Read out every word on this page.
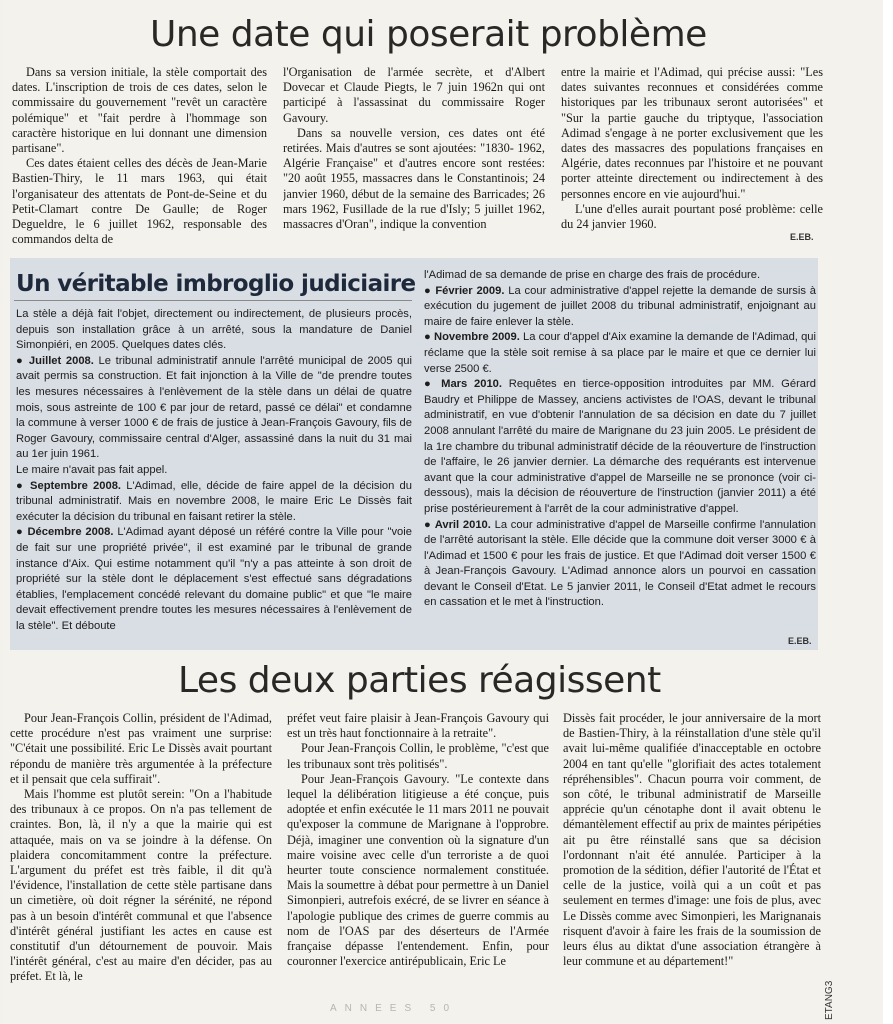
Une date qui poserait problème

Dans sa version initiale, la stèle comportait des dates. L'inscription de trois de ces dates, selon le commissaire du gouvernement "revêt un caractère polémique" et "fait perdre à l'hommage son caractère historique en lui donnant une dimension partisane".

Ces dates étaient celles des décès de Jean-Marie Bastien-Thiry, le 11 mars 1963, qui était l'organisateur des attentats de Pont-de-Seine et du Petit-Clamart contre De Gaulle; de Roger Degueldre, le 6 juillet 1962, responsable des commandos delta de

l'Organisation de l'armée secrète, et d'Albert Dovecar et Claude Piegts, le 7 juin 1962n qui ont participé à l'assassinat du commissaire Roger Gavoury.

Dans sa nouvelle version, ces dates ont été retirées. Mais d'autres se sont ajoutées: "1830- 1962, Algérie Française" et d'autres encore sont restées: "20 août 1955, massacres dans le Constantinois; 24 janvier 1960, début de la semaine des Barricades; 26 mars 1962, Fusillade de la rue d'Isly; 5 juillet 1962, massacres d'Oran", indique la convention

entre la mairie et l'Adimad, qui précise aussi: "Les dates suivantes reconnues et considérées comme historiques par les tribunaux seront autorisées" et "Sur la partie gauche du triptyque, l'association Adimad s'engage à ne porter exclusivement que les dates des massacres des populations françaises en Algérie, dates reconnues par l'histoire et ne pouvant porter atteinte directement ou indirectement à des personnes encore en vie aujourd'hui."

L'une d'elles aurait pourtant posé problème: celle du 24 janvier 1960.

E.EB.
Un véritable imbroglio judiciaire

La stèle a déjà fait l'objet, directement ou indirectement, de plusieurs procès, depuis son installation grâce à un arrêté, sous la mandature de Daniel Simonpiéri, en 2005. Quelques dates clés.

● Juillet 2008. Le tribunal administratif annule l'arrêté municipal de 2005 qui avait permis sa construction. Et fait injonction à la Ville de "de prendre toutes les mesures nécessaires à l'enlèvement de la stèle dans un délai de quatre mois, sous astreinte de 100 € par jour de retard, passé ce délai" et condamne la commune à verser 1000 € de frais de justice à Jean-François Gavoury, fils de Roger Gavoury, commissaire central d'Alger, assassiné dans la nuit du 31 mai au 1er juin 1961.

Le maire n'avait pas fait appel.

● Septembre 2008. L'Adimad, elle, décide de faire appel de la décision du tribunal administratif. Mais en novembre 2008, le maire Eric Le Dissès fait exécuter la décision du tribunal en faisant retirer la stèle.

● Décembre 2008. L'Adimad ayant déposé un référé contre la Ville pour "voie de fait sur une propriété privée", il est examiné par le tribunal de grande instance d'Aix. Qui estime notamment qu'il "n'y a pas atteinte à son droit de propriété sur la stèle dont le déplacement s'est effectué sans dégradations établies, l'emplacement concédé relevant du domaine public" et que "le maire devait effectivement prendre toutes les mesures nécessaires à l'enlèvement de la stèle". Et déboute

l'Adimad de sa demande de prise en charge des frais de procédure.

● Février 2009. La cour administrative d'appel rejette la demande de sursis à exécution du jugement de juillet 2008 du tribunal administratif, enjoignant au maire de faire enlever la stèle.

● Novembre 2009. La cour d'appel d'Aix examine la demande de l'Adimad, qui réclame que la stèle soit remise à sa place par le maire et que ce dernier lui verse 2500 €.

● Mars 2010. Requêtes en tierce-opposition introduites par MM. Gérard Baudry et Philippe de Massey, anciens activistes de l'OAS, devant le tribunal administratif, en vue d'obtenir l'annulation de sa décision en date du 7 juillet 2008 annulant l'arrêté du maire de Marignane du 23 juin 2005. Le président de la 1re chambre du tribunal administratif décide de la réouverture de l'instruction de l'affaire, le 26 janvier dernier. La démarche des requérants est intervenue avant que la cour administrative d'appel de Marseille ne se prononce (voir ci-dessous), mais la décision de réouverture de l'instruction (janvier 2011) a été prise postérieurement à l'arrêt de la cour administrative d'appel.

● Avril 2010. La cour administrative d'appel de Marseille confirme l'annulation de l'arrêté autorisant la stèle. Elle décide que la commune doit verser 3000 € à l'Adimad et 1500 € pour les frais de justice. Et que l'Adimad doit verser 1500 € à Jean-François Gavoury. L'Adimad annonce alors un pourvoi en cassation devant le Conseil d'Etat. Le 5 janvier 2011, le Conseil d'Etat admet le recours en cassation et le met à l'instruction.

E.EB.
Les deux parties réagissent

Pour Jean-François Collin, président de l'Adimad, cette procédure n'est pas vraiment une surprise: "C'était une possibilité. Eric Le Dissès avait pourtant répondu de manière très argumentée à la préfecture et il pensait que cela suffirait".

Mais l'homme est plutôt serein: "On a l'habitude des tribunaux à ce propos. On n'a pas tellement de craintes. Bon, là, il n'y a que la mairie qui est attaquée, mais on va se joindre à la défense. On plaidera concomitamment contre la préfecture. L'argument du préfet est très faible, il dit qu'à l'évidence, l'installation de cette stèle partisane dans un cimetière, où doit régner la sérénité, ne répond pas à un besoin d'intérêt communal et que l'absence d'intérêt général justifiant les actes en cause est constitutif d'un détournement de pouvoir. Mais l'intérêt général, c'est au maire d'en décider, pas au préfet. Et là, le

préfet veut faire plaisir à Jean-François Gavoury qui est un très haut fonctionnaire à la retraite".

Pour Jean-François Collin, le problème, "c'est que les tribunaux sont très politisés".

Pour Jean-François Gavoury. "Le contexte dans lequel la délibération litigieuse a été conçue, puis adoptée et enfin exécutée le 11 mars 2011 ne pouvait qu'exposer la commune de Marignane à l'opprobre. Déjà, imaginer une convention où la signature d'un maire voisine avec celle d'un terroriste a de quoi heurter toute conscience normalement constituée. Mais la soumettre à débat pour permettre à un Daniel Simonpieri, autrefois exécré, de se livrer en séance à l'apologie publique des crimes de guerre commis au nom de l'OAS par des déserteurs de l'Armée française dépasse l'entendement. Enfin, pour couronner l'exercice antirépublicain, Eric Le

Dissès fait procéder, le jour anniversaire de la mort de Bastien-Thiry, à la réinstallation d'une stèle qu'il avait lui-même qualifiée d'inacceptable en octobre 2004 en tant qu'elle "glorifiait des actes totalement répréhensibles". Chacun pourra voir comment, de son côté, le tribunal administratif de Marseille apprécie qu'un cénotaphe dont il avait obtenu le démantèlement effectif au prix de maintes péripéties ait pu être réinstallé sans que sa décision l'ordonnant n'ait été annulée. Participer à la promotion de la sédition, défier l'autorité de l'État et celle de la justice, voilà qui a un coût et pas seulement en termes d'image: une fois de plus, avec Le Dissès comme avec Simonpieri, les Marignanais risquent d'avoir à faire les frais de la soumission de leurs élus au diktat d'une association étrangère à leur commune et au département!"

ANNEES 50	ETANG3
